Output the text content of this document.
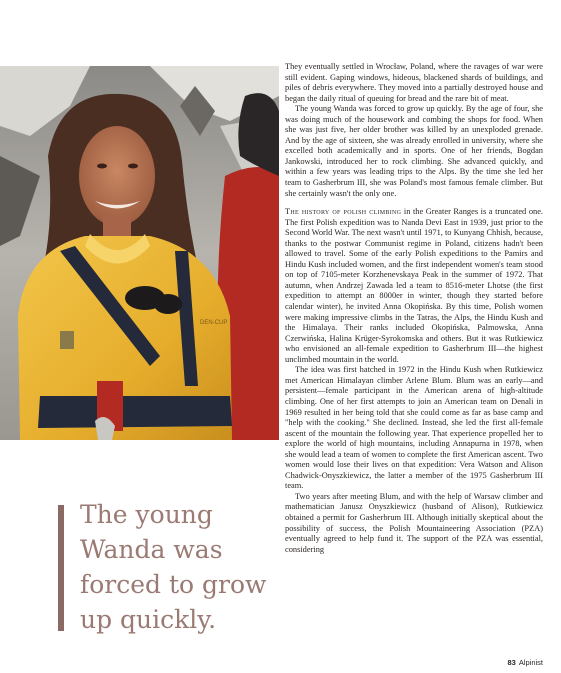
DEN-CUP
The young Wanda was forced to grow up quickly.

They eventually settled in Wrocław, Poland, where the ravages of war were still evident. Gaping windows, hideous, blackened shards of buildings, and piles of debris everywhere. They moved into a partially destroyed house and began the daily ritual of queuing for bread and the rare bit of meat.

The young Wanda was forced to grow up quickly. By the age of four, she was doing much of the housework and combing the shops for food. When she was just five, her older brother was killed by an unexploded grenade. And by the age of sixteen, she was already enrolled in university, where she excelled both academically and in sports. One of her friends, Bogdan Jankowski, introduced her to rock climbing. She advanced quickly, and within a few years was leading trips to the Alps. By the time she led her team to Gasherbrum III, she was Poland's most famous female climber. But she certainly wasn't the only one.

The history of polish climbing in the Greater Ranges is a truncated one. The first Polish expedition was to Nanda Devi East in 1939, just prior to the Second World War. The next wasn't until 1971, to Kunyang Chhish, because, thanks to the postwar Communist regime in Poland, citizens hadn't been allowed to travel. Some of the early Polish expeditions to the Pamirs and Hindu Kush included women, and the first independent women's team stood on top of 7105-meter Korzhenevskaya Peak in the summer of 1972. That autumn, when Andrzej Zawada led a team to 8516-meter Lhotse (the first expedition to attempt an 8000er in winter, though they started before calendar winter), he invited Anna Okopińska. By this time, Polish women were making impressive climbs in the Tatras, the Alps, the Hindu Kush and the Himalaya. Their ranks included Okopińska, Palmowska, Anna Czerwińska, Halina Krüger-Syrokomska and others. But it was Rutkiewicz who envisioned an all-female expedition to Gasherbrum III—the highest unclimbed mountain in the world.

The idea was first hatched in 1972 in the Hindu Kush when Rutkiewicz met American Himalayan climber Arlene Blum. Blum was an early—and persistent—female participant in the American arena of high-altitude climbing. One of her first attempts to join an American team on Denali in 1969 resulted in her being told that she could come as far as base camp and "help with the cooking." She declined. Instead, she led the first all-female ascent of the mountain the following year. That experience propelled her to explore the world of high mountains, including Annapurna in 1978, when she would lead a team of women to complete the first American ascent. Two women would lose their lives on that expedition: Vera Watson and Alison Chadwick-Onyszkiewicz, the latter a member of the 1975 Gasherbrum III team.

Two years after meeting Blum, and with the help of Warsaw climber and mathematician Janusz Onyszkiewicz (husband of Alison), Rutkiewicz obtained a permit for Gasherbrum III. Although initially skeptical about the possibility of success, the Polish Mountaineering Association (PZA) eventually agreed to help fund it. The support of the PZA was essential, considering

83 Alpinist
